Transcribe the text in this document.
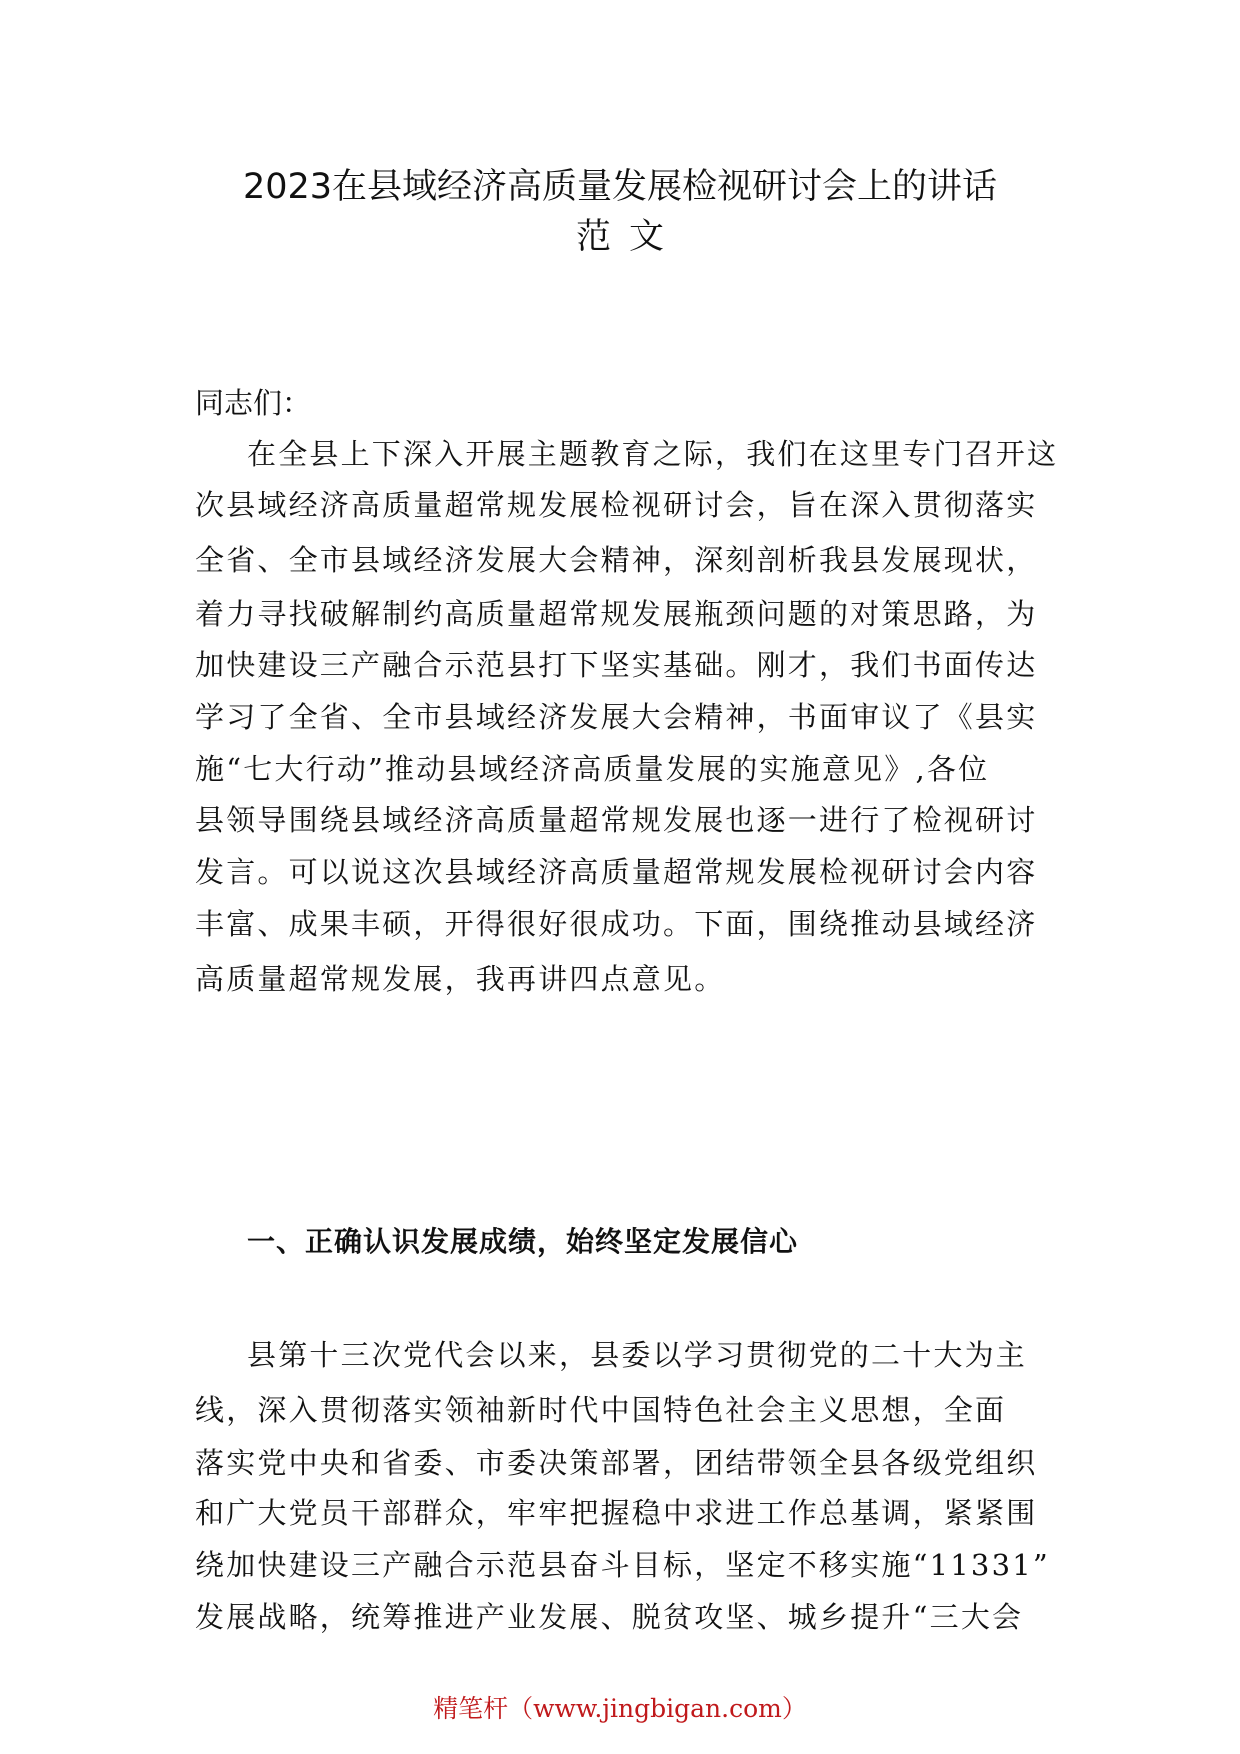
2023在县域经济高质量发展检视研讨会上的讲话
范文
同志们：
在全县上下深入开展主题教育之际，我们在这里专门召开这
次县域经济高质量超常规发展检视研讨会，旨在深入贯彻落实
全省、全市县域经济发展大会精神，深刻剖析我县发展现状，
着力寻找破解制约高质量超常规发展瓶颈问题的对策思路，为
加快建设三产融合示范县打下坚实基础。刚才，我们书面传达
学习了全省、全市县域经济发展大会精神，书面审议了《县实
施“七大行动”推动县域经济高质量发展的实施意见》,各位
县领导围绕县域经济高质量超常规发展也逐一进行了检视研讨
发言。可以说这次县域经济高质量超常规发展检视研讨会内容
丰富、成果丰硕，开得很好很成功。下面，围绕推动县域经济
高质量超常规发展，我再讲四点意见。
一、正确认识发展成绩，始终坚定发展信心
县第十三次党代会以来，县委以学习贯彻党的二十大为主
线，深入贯彻落实领袖新时代中国特色社会主义思想，全面
落实党中央和省委、市委决策部署，团结带领全县各级党组织
和广大党员干部群众，牢牢把握稳中求进工作总基调，紧紧围
绕加快建设三产融合示范县奋斗目标，坚定不移实施“11331”
发展战略，统筹推进产业发展、脱贫攻坚、城乡提升“三大会
精笔杆（www.jingbigan.com）
